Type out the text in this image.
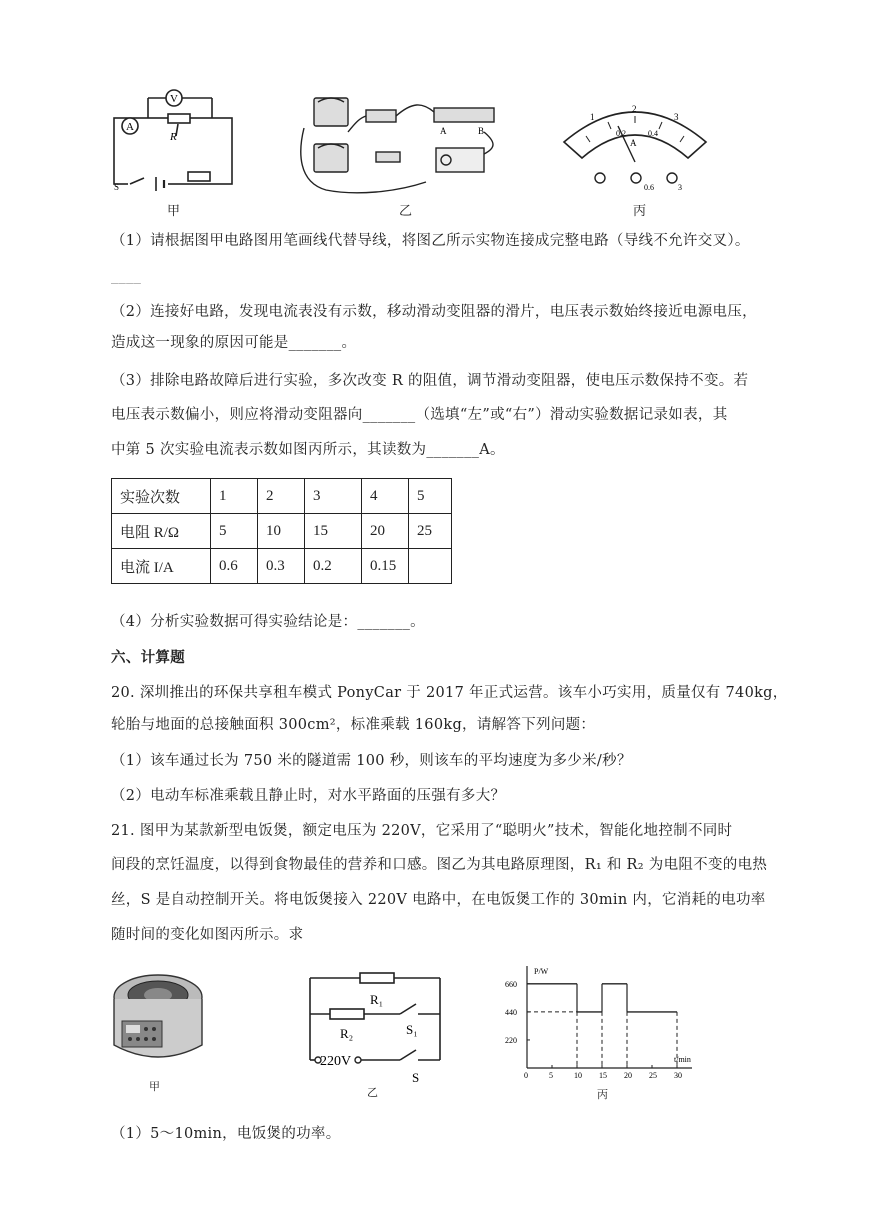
V
A
R
S
甲
A	B
乙
1
2
3
0.2	0.4
A
0.6	3
丙
（1）请根据图甲电路图用笔画线代替导线，将图乙所示实物连接成完整电路（导线不允许交叉）。
____
（2）连接好电路，发现电流表没有示数，移动滑动变阻器的滑片，电压表示数始终接近电源电压，
造成这一现象的原因可能是_______。
（3）排除电路故障后进行实验，多次改变 R 的阻值，调节滑动变阻器，使电压示数保持不变。若
电压表示数偏小，则应将滑动变阻器向_______（选填“左”或“右”）滑动实验数据记录如表，其
中第 5 次实验电流表示数如图丙所示，其读数为_______A。
实验次数	1	2	3	4	5
电阻 R/Ω	5	10	15	20	25
电流 I/A	0.6	0.3	0.2	0.15	
（4）分析实验数据可得实验结论是：_______。
六、计算题
20. 深圳推出的环保共享租车模式 PonyCar 于 2017 年正式运营。该车小巧实用，质量仅有 740kg，
轮胎与地面的总接触面积 300cm²，标准乘载 160kg，请解答下列问题：
（1）该车通过长为 750 米的隧道需 100 秒，则该车的平均速度为多少米/秒？
（2）电动车标准乘载且静止时，对水平路面的压强有多大？
21. 图甲为某款新型电饭煲，额定电压为 220V，它采用了“聪明火”技术，智能化地控制不同时
间段的烹饪温度，以得到食物最佳的营养和口感。图乙为其电路原理图，R₁ 和 R₂ 为电阻不变的电热
丝，S 是自动控制开关。将电饭煲接入 220V 电路中，在电饭煲工作的 30min 内，它消耗的电功率
随时间的变化如图丙所示。求
甲
R₁
R₂	S₁
220V
S
乙
P/W
t/min
0	5	10 15 20 25 30
220
440
660
丙
（1）5～10min，电饭煲的功率。
